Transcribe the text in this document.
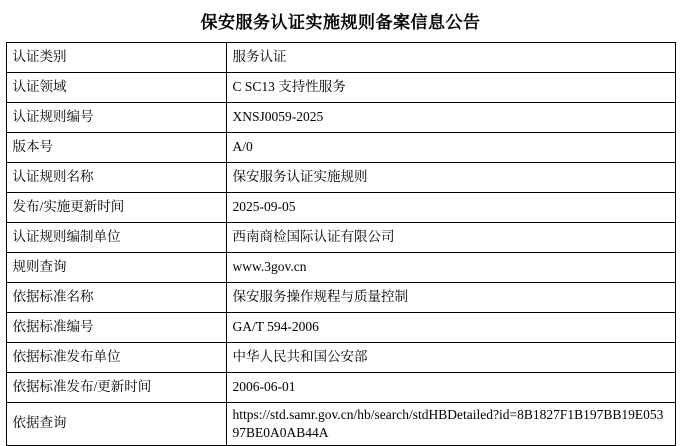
保安服务认证实施规则备案信息公告
认证类别	服务认证
认证领域	C SC13 支持性服务
认证规则编号	XNSJ0059-2025
版本号	A/0
认证规则名称	保安服务认证实施规则
发布/实施更新时间	2025-09-05
认证规则编制单位	西南商检国际认证有限公司
规则查询	www.3gov.cn
依据标准名称	保安服务操作规程与质量控制
依据标准编号	GA/T 594-2006
依据标准发布单位	中华人民共和国公安部
依据标准发布/更新时间	2006-06-01
依据查询	https://std.samr.gov.cn/hb/search/stdHBDetailed?id=8B1827F1B197BB19E05397BE0A0AB44A
